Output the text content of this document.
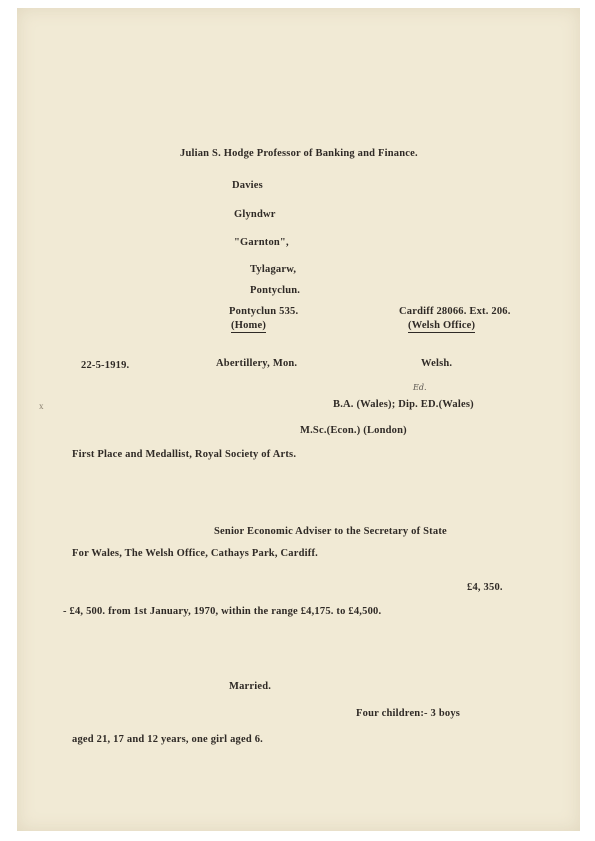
Julian S. Hodge Professor of Banking and Finance.
Davies
Glyndwr
"Garnton",
Tylagarw,
Pontyclun.
Pontyclun 535.
(Home)
Cardiff 28066. Ext. 206.
(Welsh Office)
22-5-1919.	Abertillery, Mon.	Welsh.
x
Ed.
B.A. (Wales); Dip. ED.(Wales)
M.Sc.(Econ.) (London)
First Place and Medallist, Royal Society of Arts.
Senior Economic Adviser to the Secretary of State
For Wales, The Welsh Office, Cathays Park, Cardiff.
£4, 350.
- £4, 500. from 1st January, 1970, within the range £4,175. to £4,500.
Married.
Four children:- 3 boys
aged 21, 17 and 12 years, one girl aged 6.
